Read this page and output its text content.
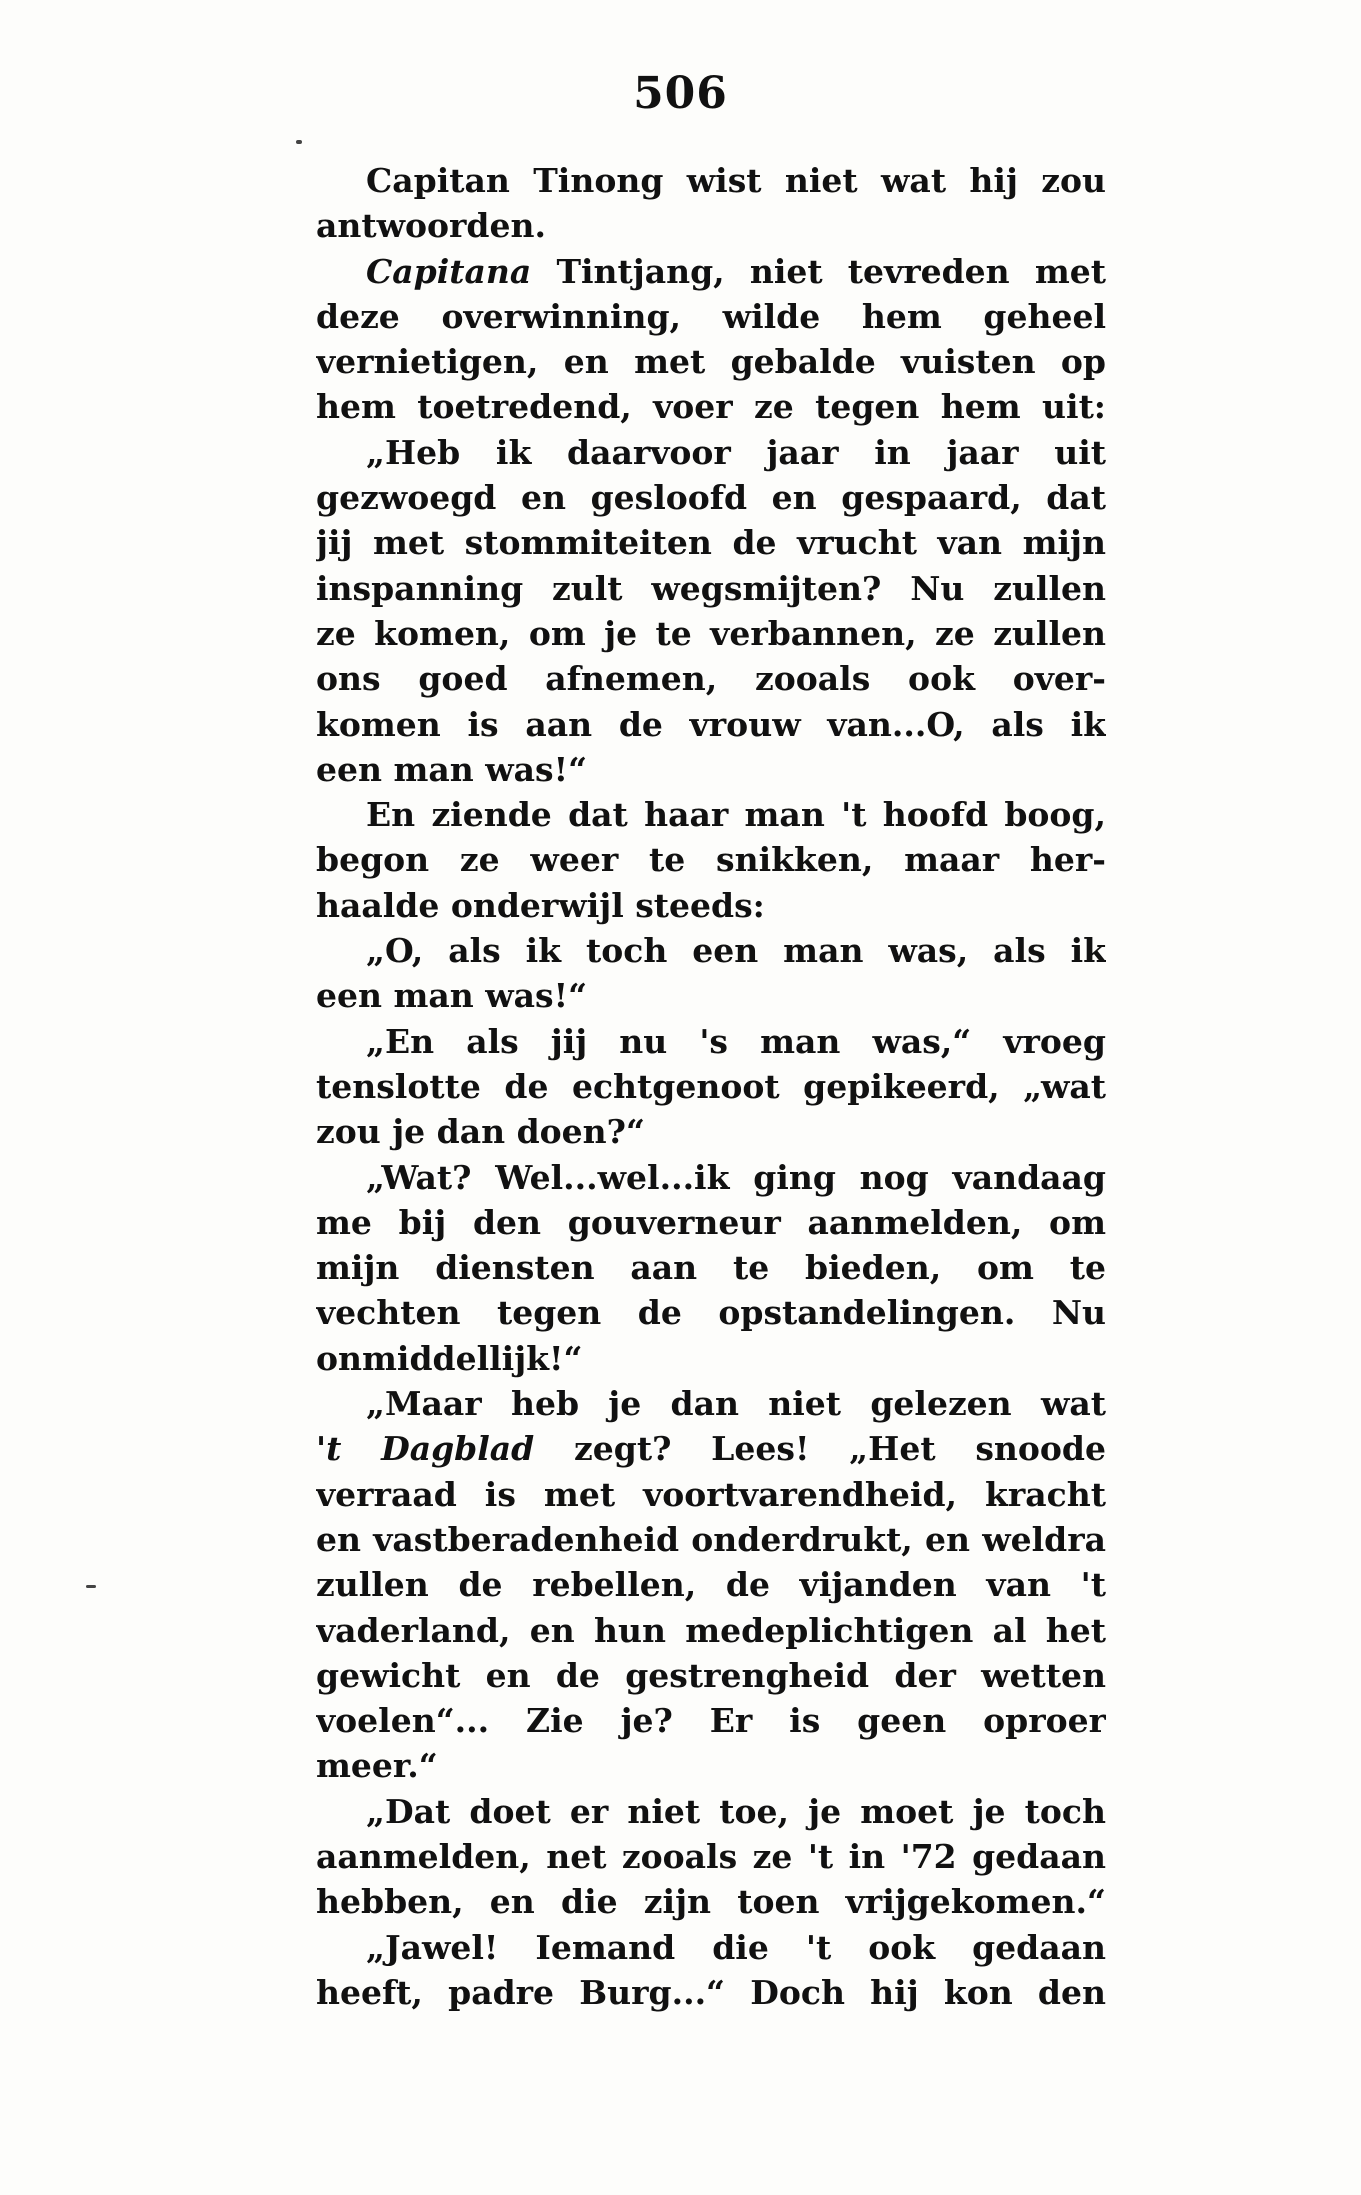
506
Capitan Tinong wist niet wat hij zou
antwoorden.
Capitana Tintjang, niet tevreden met
deze overwinning, wilde hem geheel
vernietigen, en met gebalde vuisten op
hem toetredend, voer ze tegen hem uit:
„Heb ik daarvoor jaar in jaar uit
gezwoegd en gesloofd en gespaard, dat
jij met stommiteiten de vrucht van mijn
inspanning zult wegsmijten? Nu zullen
ze komen, om je te verbannen, ze zullen
ons goed afnemen, zooals ook over-
komen is aan de vrouw van...O, als ik
een man was!“
En ziende dat haar man 't hoofd boog,
begon ze weer te snikken, maar her-
haalde onderwijl steeds:
„O, als ik toch een man was, als ik
een man was!“
„En als jij nu 's man was,“ vroeg
tenslotte de echtgenoot gepikeerd, „wat
zou je dan doen?“
„Wat? Wel...wel...ik ging nog vandaag
me bij den gouverneur aanmelden, om
mijn diensten aan te bieden, om te
vechten tegen de opstandelingen. Nu
onmiddellijk!“
„Maar heb je dan niet gelezen wat
't Dagblad zegt? Lees! „Het snoode
verraad is met voortvarendheid, kracht
en vastberadenheid onderdrukt, en weldra
zullen de rebellen, de vijanden van 't
vaderland, en hun medeplichtigen al het
gewicht en de gestrengheid der wetten
voelen“... Zie je? Er is geen oproer
meer.“
„Dat doet er niet toe, je moet je toch
aanmelden, net zooals ze 't in '72 gedaan
hebben, en die zijn toen vrijgekomen.“
„Jawel! Iemand die 't ook gedaan
heeft, padre Burg...“ Doch hij kon den
